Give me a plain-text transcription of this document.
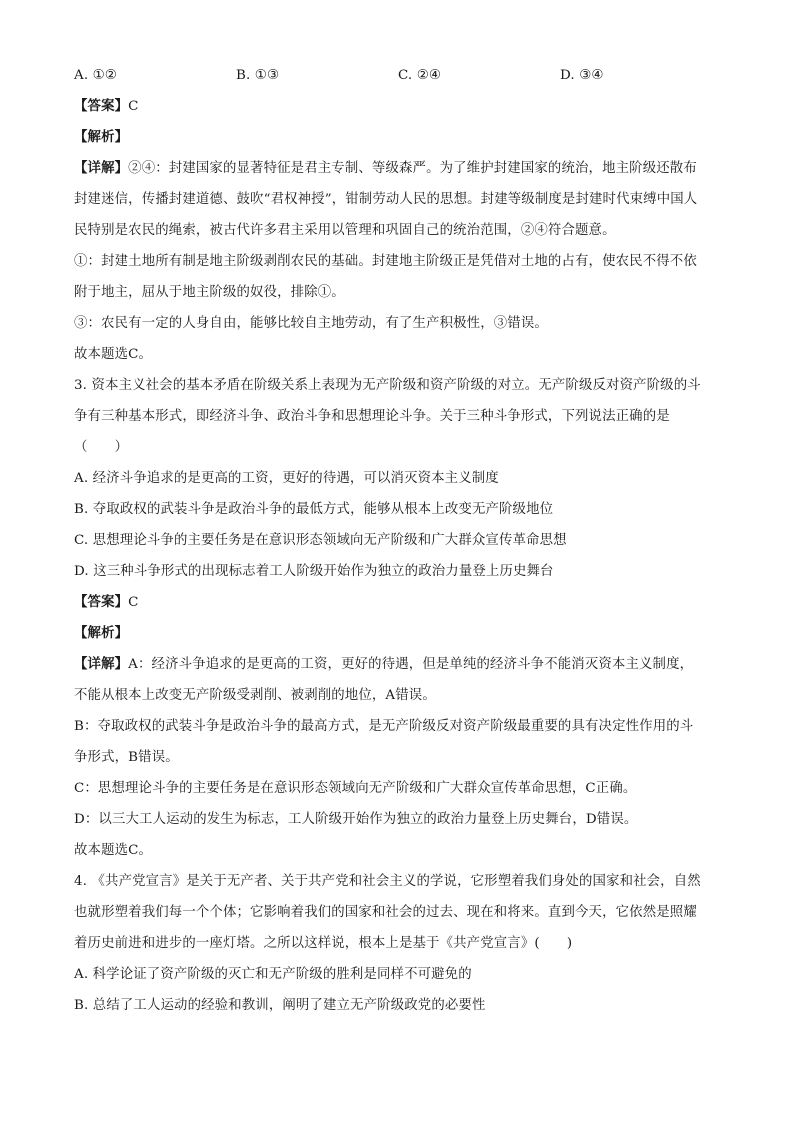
A. ①②	B. ①③	C. ②④	D. ③④
【答案】C
【解析】
【详解】②④：封建国家的显著特征是君主专制、等级森严。为了维护封建国家的统治，地主阶级还散布
封建迷信，传播封建道德、鼓吹“君权神授”，钳制劳动人民的思想。封建等级制度是封建时代束缚中国人
民特别是农民的绳索，被古代许多君主采用以管理和巩固自己的统治范围，②④符合题意。
①：封建土地所有制是地主阶级剥削农民的基础。封建地主阶级正是凭借对土地的占有，使农民不得不依
附于地主，屈从于地主阶级的奴役，排除①。
③：农民有一定的人身自由，能够比较自主地劳动，有了生产积极性，③错误。
故本题选C。
3. 资本主义社会的基本矛盾在阶级关系上表现为无产阶级和资产阶级的对立。无产阶级反对资产阶级的斗
争有三种基本形式，即经济斗争、政治斗争和思想理论斗争。关于三种斗争形式，下列说法正确的是
（　　）
A. 经济斗争追求的是更高的工资，更好的待遇，可以消灭资本主义制度
B. 夺取政权的武装斗争是政治斗争的最低方式，能够从根本上改变无产阶级地位
C. 思想理论斗争的主要任务是在意识形态领域向无产阶级和广大群众宣传革命思想
D. 这三种斗争形式的出现标志着工人阶级开始作为独立的政治力量登上历史舞台
【答案】C
【解析】
【详解】A：经济斗争追求的是更高的工资，更好的待遇，但是单纯的经济斗争不能消灭资本主义制度，
不能从根本上改变无产阶级受剥削、被剥削的地位，A错误。
B：夺取政权的武装斗争是政治斗争的最高方式，是无产阶级反对资产阶级最重要的具有决定性作用的斗
争形式，B错误。
C：思想理论斗争的主要任务是在意识形态领域向无产阶级和广大群众宣传革命思想，C正确。
D：以三大工人运动的发生为标志，工人阶级开始作为独立的政治力量登上历史舞台，D错误。
故本题选C。
4. 《共产党宣言》是关于无产者、关于共产党和社会主义的学说，它形塑着我们身处的国家和社会，自然
也就形塑着我们每一个个体；它影响着我们的国家和社会的过去、现在和将来。直到今天，它依然是照耀
着历史前进和进步的一座灯塔。之所以这样说，根本上是基于《共产党宣言》(　　)
A. 科学论证了资产阶级的灭亡和无产阶级的胜利是同样不可避免的
B. 总结了工人运动的经验和教训，阐明了建立无产阶级政党的必要性
